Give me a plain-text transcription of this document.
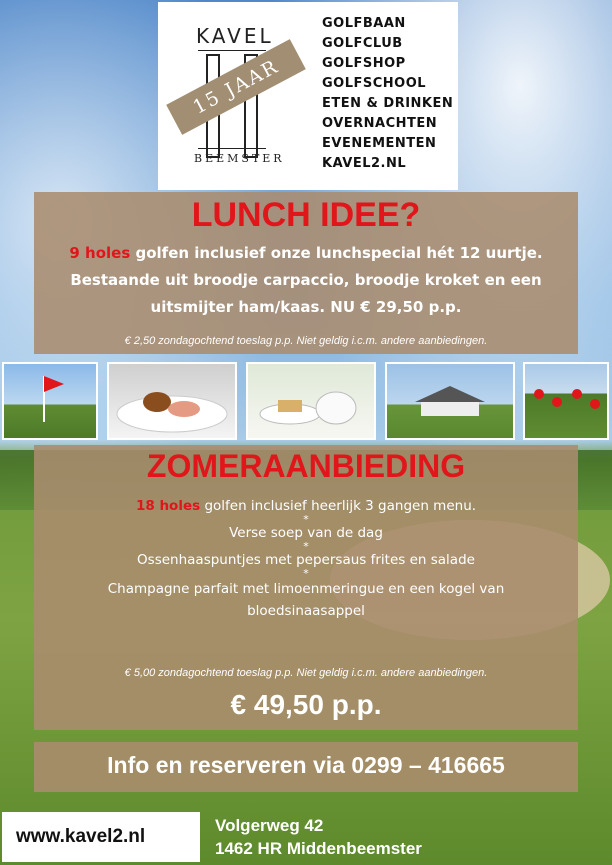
KAVEL
15 JAAR
BEEMSTER
GOLFBAAN
GOLFCLUB
GOLFSHOP
GOLFSCHOOL
ETEN & DRINKEN
OVERNACHTEN
EVENEMENTEN
KAVEL2.NL
LUNCH IDEE?
9 holes golfen inclusief onze lunchspecial hét 12 uurtje. Bestaande uit broodje carpaccio, broodje kroket en een uitsmijter ham/kaas. NU € 29,50 p.p.
€ 2,50 zondagochtend toeslag p.p. Niet geldig i.c.m. andere aanbiedingen.
ZOMERAANBIEDING

18 holes golfen inclusief heerlijk 3 gangen menu.

*

Verse soep van de dag

*

Ossenhaaspuntjes met pepersaus frites en salade

*

Champagne parfait met limoenmeringue en een kogel van bloedsinaasappel

€ 5,00 zondagochtend toeslag p.p. Niet geldig i.c.m. andere aanbiedingen.
€ 49,50 p.p.
Info en reserveren via 0299 – 416665
www.kavel2.nl
Volgerweg 42
1462 HR Middenbeemster
